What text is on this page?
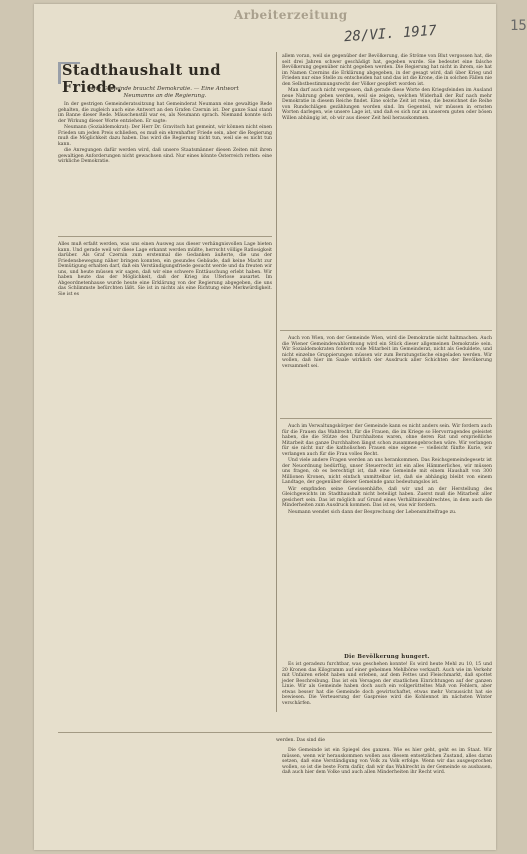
Arbeiterzeitung
28/VI. 1917	15
Stadthaushalt und Friede.
Die Gemeinde braucht Demokratie. — Eine Antwort
Neumanns an die Regierung.

In der gestrigen Gemeinderatssitzung hat Gemeinderat Neumann eine gewaltige Rede gehalten, die zugleich auch eine Antwort an den Grafen Czernin ist. Der ganze Saal stand im Banne dieser Rede. Mäuschenstill war es, als Neumann sprach. Niemand konnte sich der Wirkung dieser Worte entziehen. Er sagte:

Neumann (Sozialdemokrat): Der Herr Dr. Gravitsch hat gemeint, wir können nicht einen Frieden um jeden Preis schließen, es muß ein ehrenhafter Friede sein, aber die Regierung muß die Möglichkeit dazu haben. Das wird die Regierung nicht tun, weil sie es nicht tun kann.

die Anregungen dafür werden wird, daß unsere Staatsmänner diesen Zeiten mit ihren gewaltigen Anforderungen nicht gewachsen sind. Nur eines könnte Österreich retten: eine wirkliche Demokratie.

Alles muß erfaßt werden, was uns einen Ausweg aus dieser verhängnisvollen Lage bieten kann. Und gerade weil wir diese Lage erkannt werden müßte, herrscht völlige Ratlosigkeit darüber. Als Graf Czernin zum erstenmal die Gedanken äußerte, die uns der Friedensbewegung näher bringen konnten, ein gesundes Gebäude, daß keine Macht zur Demütigung erhalten darf, daß ein Verständigungsfriede gesucht werde und da freuten wir uns, und heute müssen wir sagen, daß wir eine schwere Enttäuschung erlebt haben. Wir haben heute das der Möglichkeit, daß der Krieg ins Uferlose ausartet. Im Abgeordnetenhause wurde heute eine Erklärung von der Regierung abgegeben, die uns das Schlimmste befürchten läßt. Sie ist in nichts als eine Richtung eine Merkwürdigkeit. Sie ist es

allem voran, weil sie gegenüber der Bevölkerung, die Ströme von Blut vergossen hat, die seit drei Jahren schwer geschädigt hat, gegeben wurde. Sie bedeutet eine falsche Bevölkerung gegenüber nicht gegeben werden. Die Regierung hat nicht in ihrem, sie hat im Namen Czernins die Erklärung abgegeben, in der gesagt wird, daß über Krieg und Frieden nur eine Stelle zu entscheiden hat und das ist die Krone, die in solchen Fällen nie den Selbstbestimmungsrecht der Völker geopfert worden ist.

Man darf auch nicht vergessen, daß gerade diese Worte den Kriegsfeinden im Ausland neue Nahrung geben werden, weil sie zeigen, welchen Widerhall der Ruf nach mehr Demokratie in diesem Reiche findet. Eine solche Zeit ist reine, die bezeichnet die Reihe von Rundschlägen gezählungen worden sind. Im Gegenteil, wir müssen in ernsten Worten darlegen, wie unsere Lage ist, und daß es sich nur an unserem guten oder bösen Willen abhängig ist, ob wir aus dieser Zeit heil herauskommen.

Auch von Wien, von der Gemeinde Wien, wird die Demokratie nicht haltmachen. Auch die Wiener Gemeindewahlordnung wird ein Stück dieser allgemeinen Demokratie sein. Wir Sozialdemokraten fordern volle Mitarbeit im Gemeinderat, nicht als Geduldete, und nicht einzelne Gruppierungen müssen wir zum Beratungstische eingeladen werden. Wir wollen, daß hier im Saale wirklich der Ausdruck aller Schichten der Bevölkerung versammelt sei.

Auch im Verwaltungskörper der Gemeinde kann es nicht anders sein. Wir fordern auch für die Frauen das Wahlrecht, für die Frauen, die im Kriege so Hervorragendes geleistet haben, die die Stütze des Durchhaltens waren, ohne deren Rat und ersprießliche Mitarbeit das ganze Durchhalten längst schon zusammengebrochen wäre. Wir verlangen für sie nicht nur die katholischen Frauen eine eigene — vielleicht fünfte Kurie, wir verlangen auch für die Frau volles Recht.

Und viele andere Fragen werden an uns herankommen. Das Reichsgemeindegesetz ist der Neuordnung bedürftig, unser Steuerrecht ist ein alles Hämmerliches, wir müssen uns fragen, ob es berechtigt ist, daß eine Gemeinde mit einem Haushalt von 300 Millionen Kronen, nicht einfach unmittelbar ist, daß sie abhängig bleibt von einem Landtage, der gegenüber dieser Gemeinde ganz bedeutungslos ist.

Wir empfinden seine Gewissenhäfte, daß wir und an der Herstellung des Gleichgewichts im Stadthaushalt nicht beteiligt haben. Zuerst muß die Mitarbeit aller gesichert sein. Das ist möglich auf Grund eines Verhältniswahlrechtes, in dem auch die Minderheiten zum Ausdruck kommen. Das ist es, was wir fordern.

Neumann wendet sich dann der Besprechung der Lebensmittelfrage zu.

Die Bevölkerung hungert.

Es ist geradezu furchtbar, was geschehen konnte! Es wird heute Mehl zu 10, 15 und 20 Kronen das Kilogramm auf einer geheimen Mehlbörse verkauft. Auch wie im Verkehr mit Unfairen erlebt haben und erleben, auf dem Fettes und Fleischmarkt, daß spottet jeder Beschreibung. Das ist ein Versagen der staatlichen Einrichtungen auf der ganzen Linie. Wir als Gemeinde haben doch auch ein vollgerütteltes Maß von Fehlern, aber etwas besser hat die Gemeinde doch gewirtschaftet, etwas mehr Voraussicht hat sie bewiesen. Die Verteuerung der Gaspreise wird die Kohlennot im nächsten Winter verschärfen.

werden. Das sind die

Die Gemeinde ist ein Spiegel des ganzen. Wie es hier geht, geht es im Staat. Wir müssen, wenn wir herauskommen wollen aus diesem entsetzlichen Zustand, alles daran setzen, daß eine Verständigung von Volk zu Volk erfolge. Wenn wir das ausgesprochen wollen, so ist die beste Form dafür, daß wir das Wahlrecht in der Gemeinde so ausbauen, daß auch hier dem Volke und auch allen Minderheiten ihr Recht wird.
